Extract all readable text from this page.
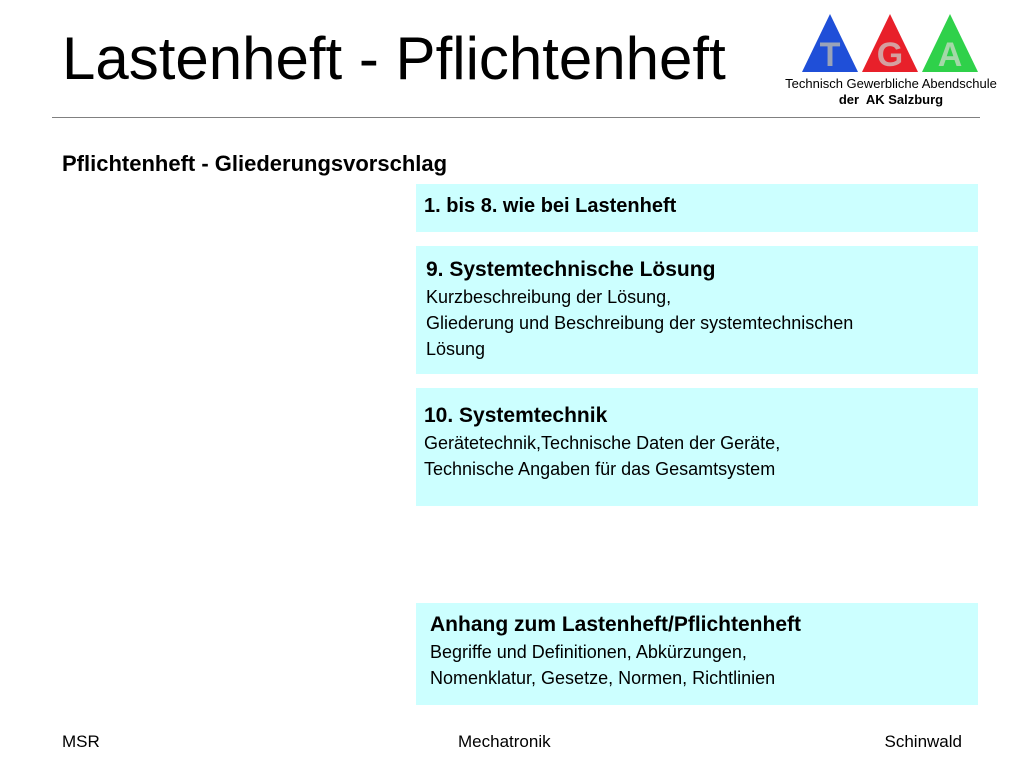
Lastenheft - Pflichtenheft	T G A
Technisch Gewerbliche Abendschule
der  AK Salzburg
Pflichtenheft - Gliederungsvorschlag
1. bis 8. wie bei Lastenheft
9. Systemtechnische Lösung
Kurzbeschreibung der Lösung,
Gliederung und Beschreibung der systemtechnischen
Lösung
10. Systemtechnik
Gerätetechnik,Technische Daten der Geräte,
Technische Angaben für das Gesamtsystem
Anhang zum Lastenheft/Pflichtenheft
Begriffe und Definitionen, Abkürzungen,
Nomenklatur, Gesetze, Normen, Richtlinien
MSR	Mechatronik	Schinwald
